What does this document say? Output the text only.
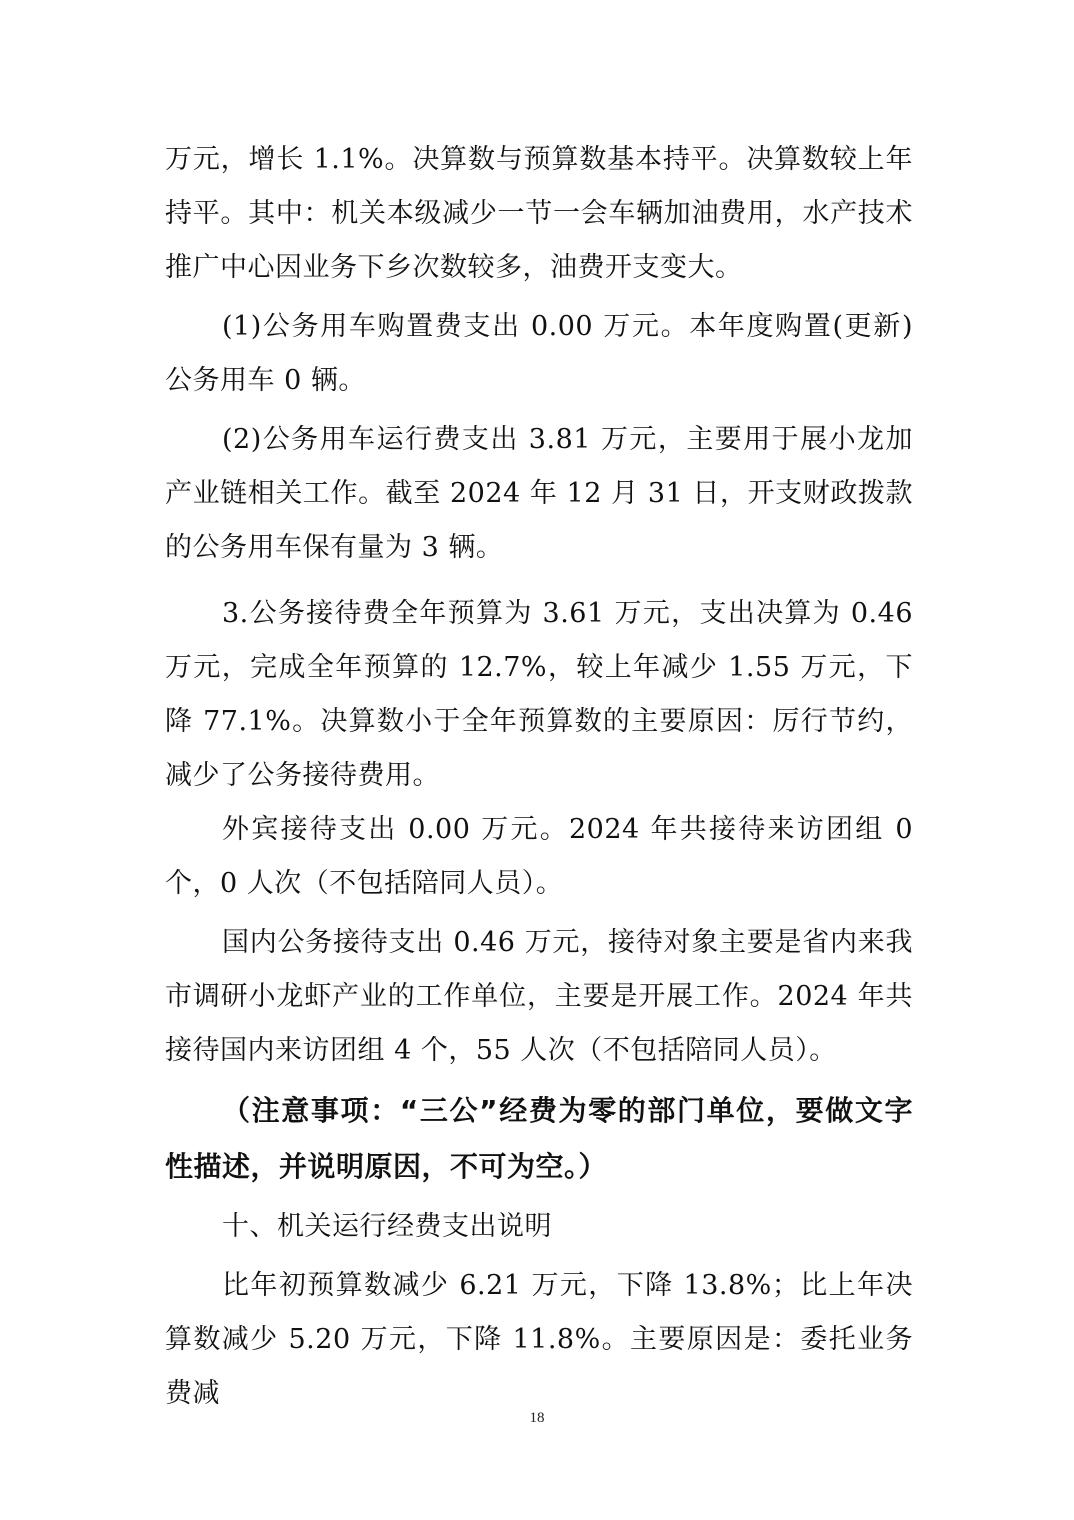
万元，增长 1.1%。决算数与预算数基本持平。决算数较上年持平。其中：机关本级减少一节一会车辆加油费用，水产技术推广中心因业务下乡次数较多，油费开支变大。

(1)公务用车购置费支出 0.00 万元。本年度购置(更新)公务用车 0 辆。

(2)公务用车运行费支出 3.81 万元，主要用于展小龙加产业链相关工作。截至 2024 年 12 月 31 日，开支财政拨款的公务用车保有量为 3 辆。

3.公务接待费全年预算为 3.61 万元，支出决算为 0.46 万元，完成全年预算的 12.7%，较上年减少 1.55 万元，下降 77.1%。决算数小于全年预算数的主要原因：厉行节约，减少了公务接待费用。

外宾接待支出 0.00 万元。2024 年共接待来访团组 0 个，0 人次（不包括陪同人员）。

国内公务接待支出 0.46 万元，接待对象主要是省内来我市调研小龙虾产业的工作单位，主要是开展工作。2024 年共接待国内来访团组 4 个，55 人次（不包括陪同人员）。

（注意事项：“三公”经费为零的部门单位，要做文字性描述，并说明原因，不可为空。）

十、机关运行经费支出说明

比年初预算数减少 6.21 万元，下降 13.8%；比上年决算数减少 5.20 万元，下降 11.8%。主要原因是：委托业务费减

18
